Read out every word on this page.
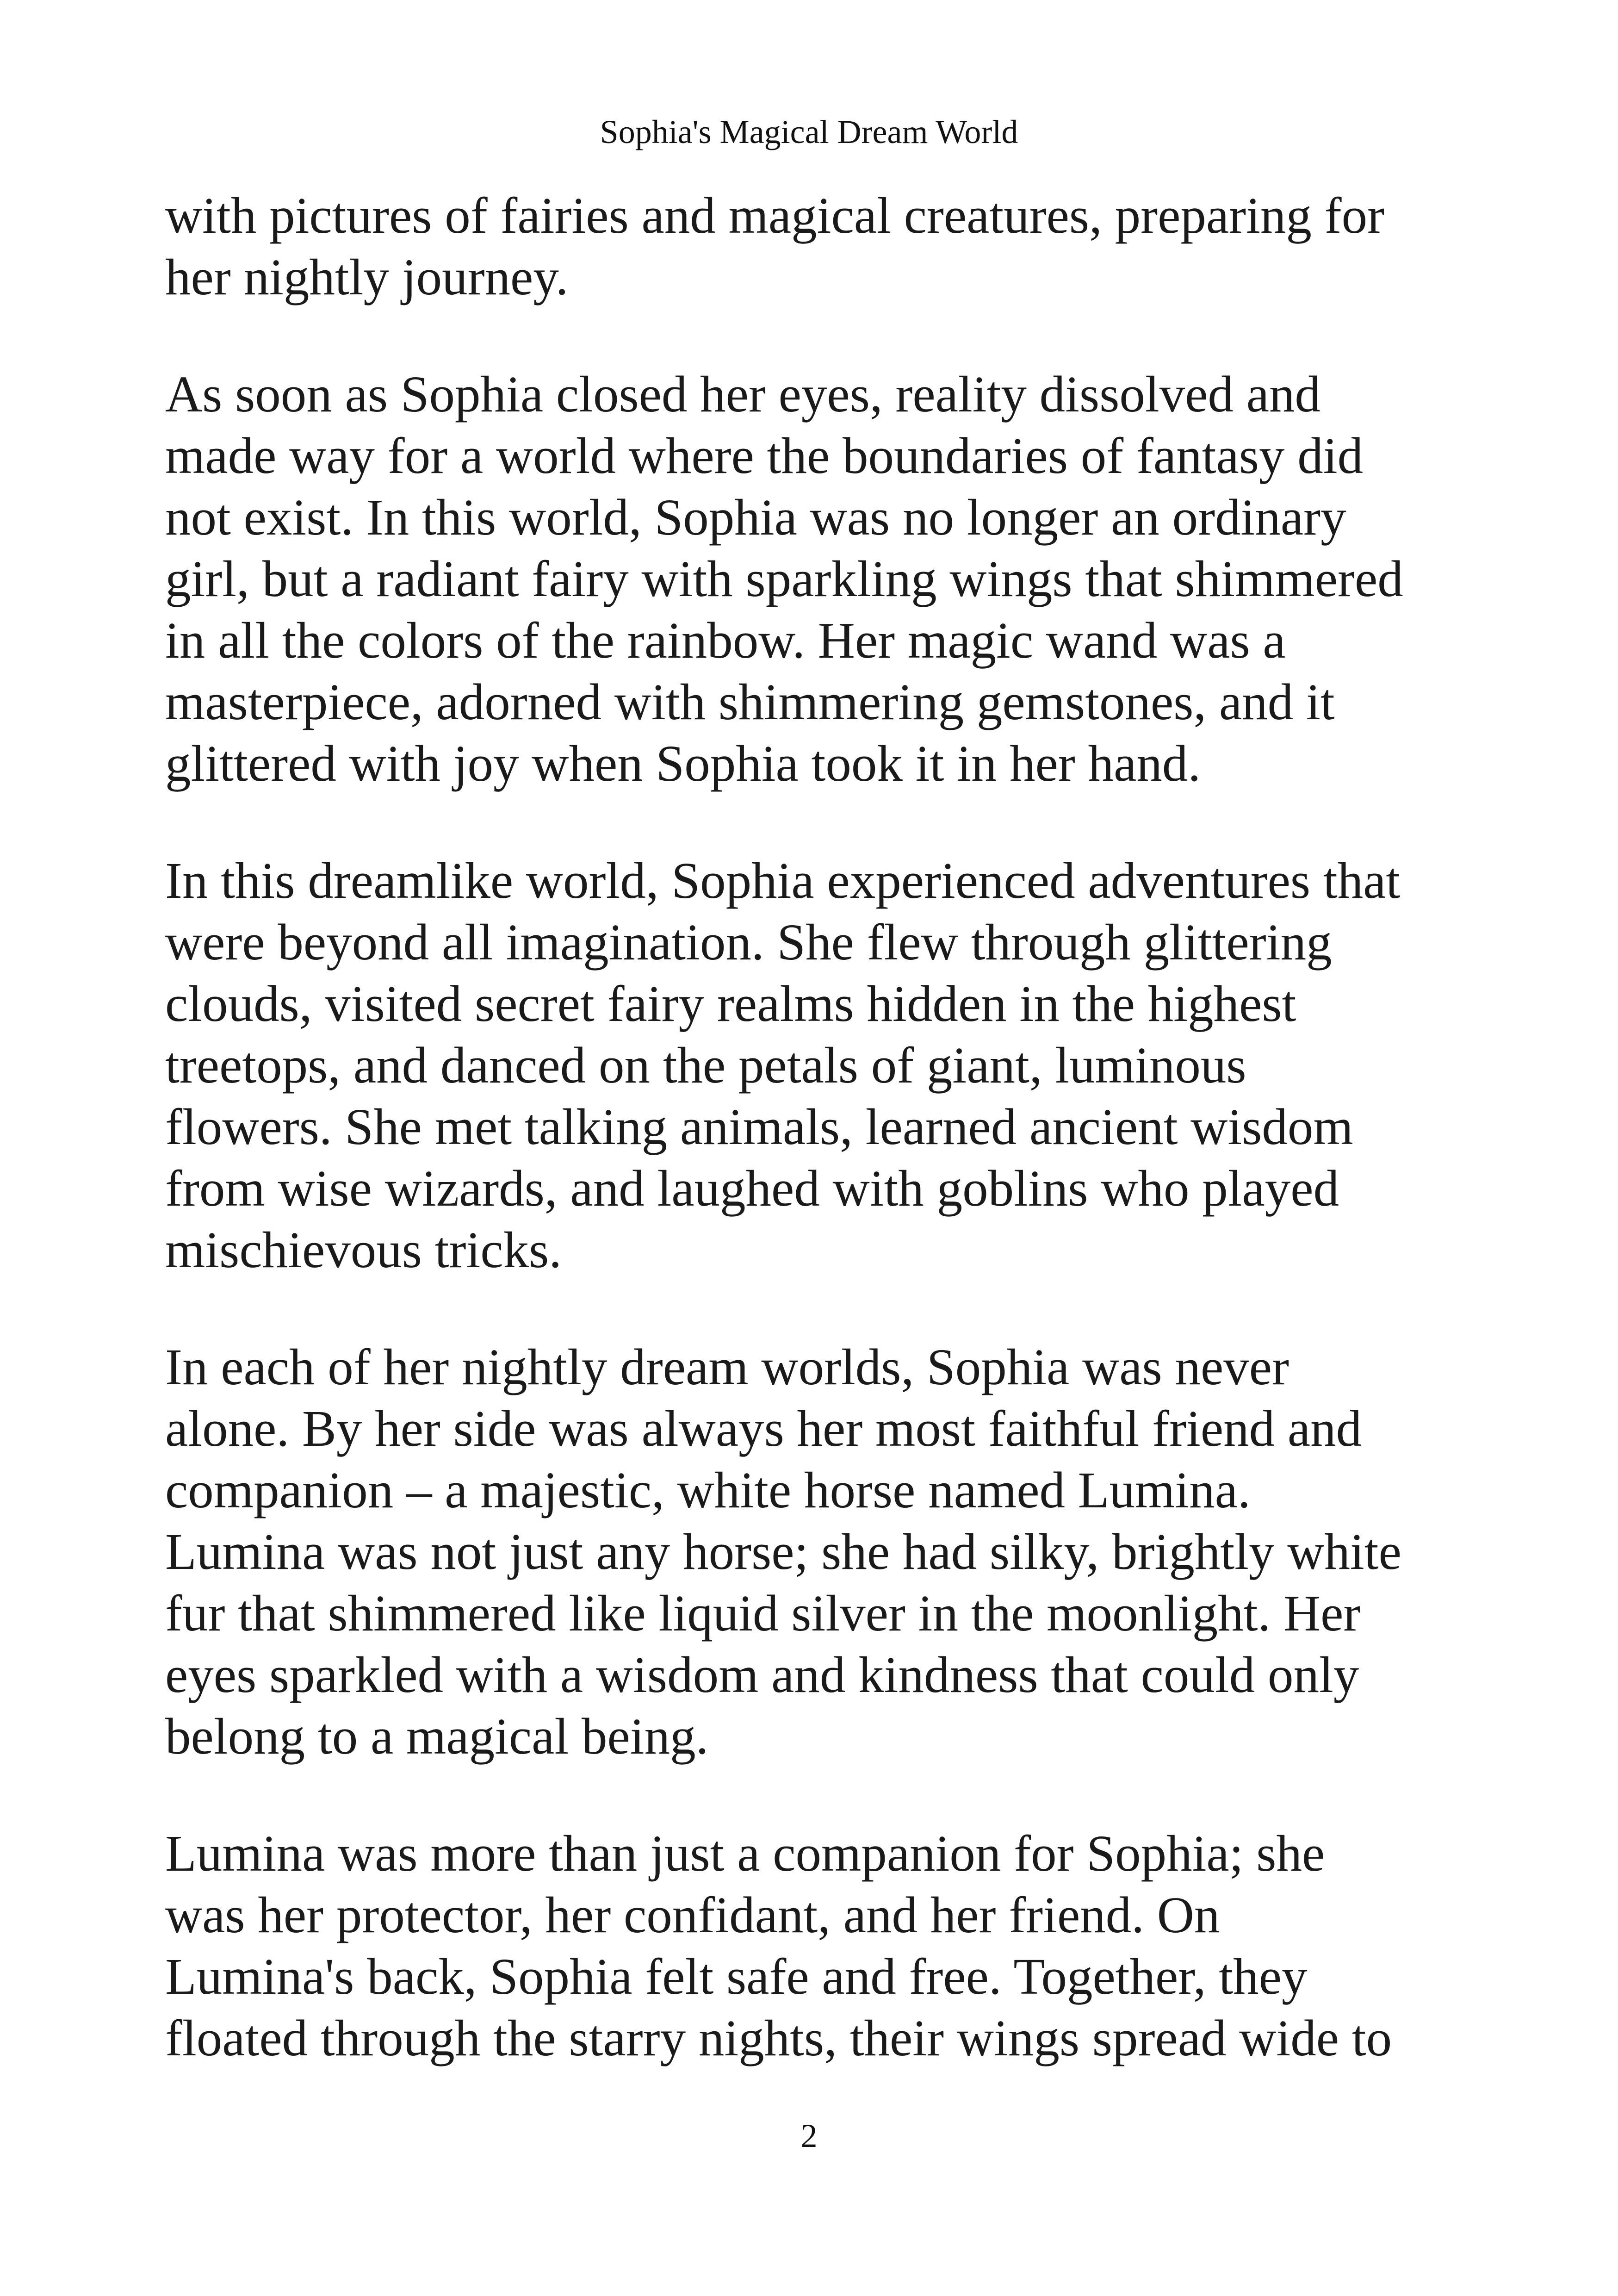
Sophia's Magical Dream World

with pictures of fairies and magical creatures, preparing for
her nightly journey.

As soon as Sophia closed her eyes, reality dissolved and
made way for a world where the boundaries of fantasy did
not exist. In this world, Sophia was no longer an ordinary
girl, but a radiant fairy with sparkling wings that shimmered
in all the colors of the rainbow. Her magic wand was a
masterpiece, adorned with shimmering gemstones, and it
glittered with joy when Sophia took it in her hand.

In this dreamlike world, Sophia experienced adventures that
were beyond all imagination. She flew through glittering
clouds, visited secret fairy realms hidden in the highest
treetops, and danced on the petals of giant, luminous
flowers. She met talking animals, learned ancient wisdom
from wise wizards, and laughed with goblins who played
mischievous tricks.

In each of her nightly dream worlds, Sophia was never
alone. By her side was always her most faithful friend and
companion – a majestic, white horse named Lumina.
Lumina was not just any horse; she had silky, brightly white
fur that shimmered like liquid silver in the moonlight. Her
eyes sparkled with a wisdom and kindness that could only
belong to a magical being.

Lumina was more than just a companion for Sophia; she
was her protector, her confidant, and her friend. On
Lumina's back, Sophia felt safe and free. Together, they
floated through the starry nights, their wings spread wide to

2
